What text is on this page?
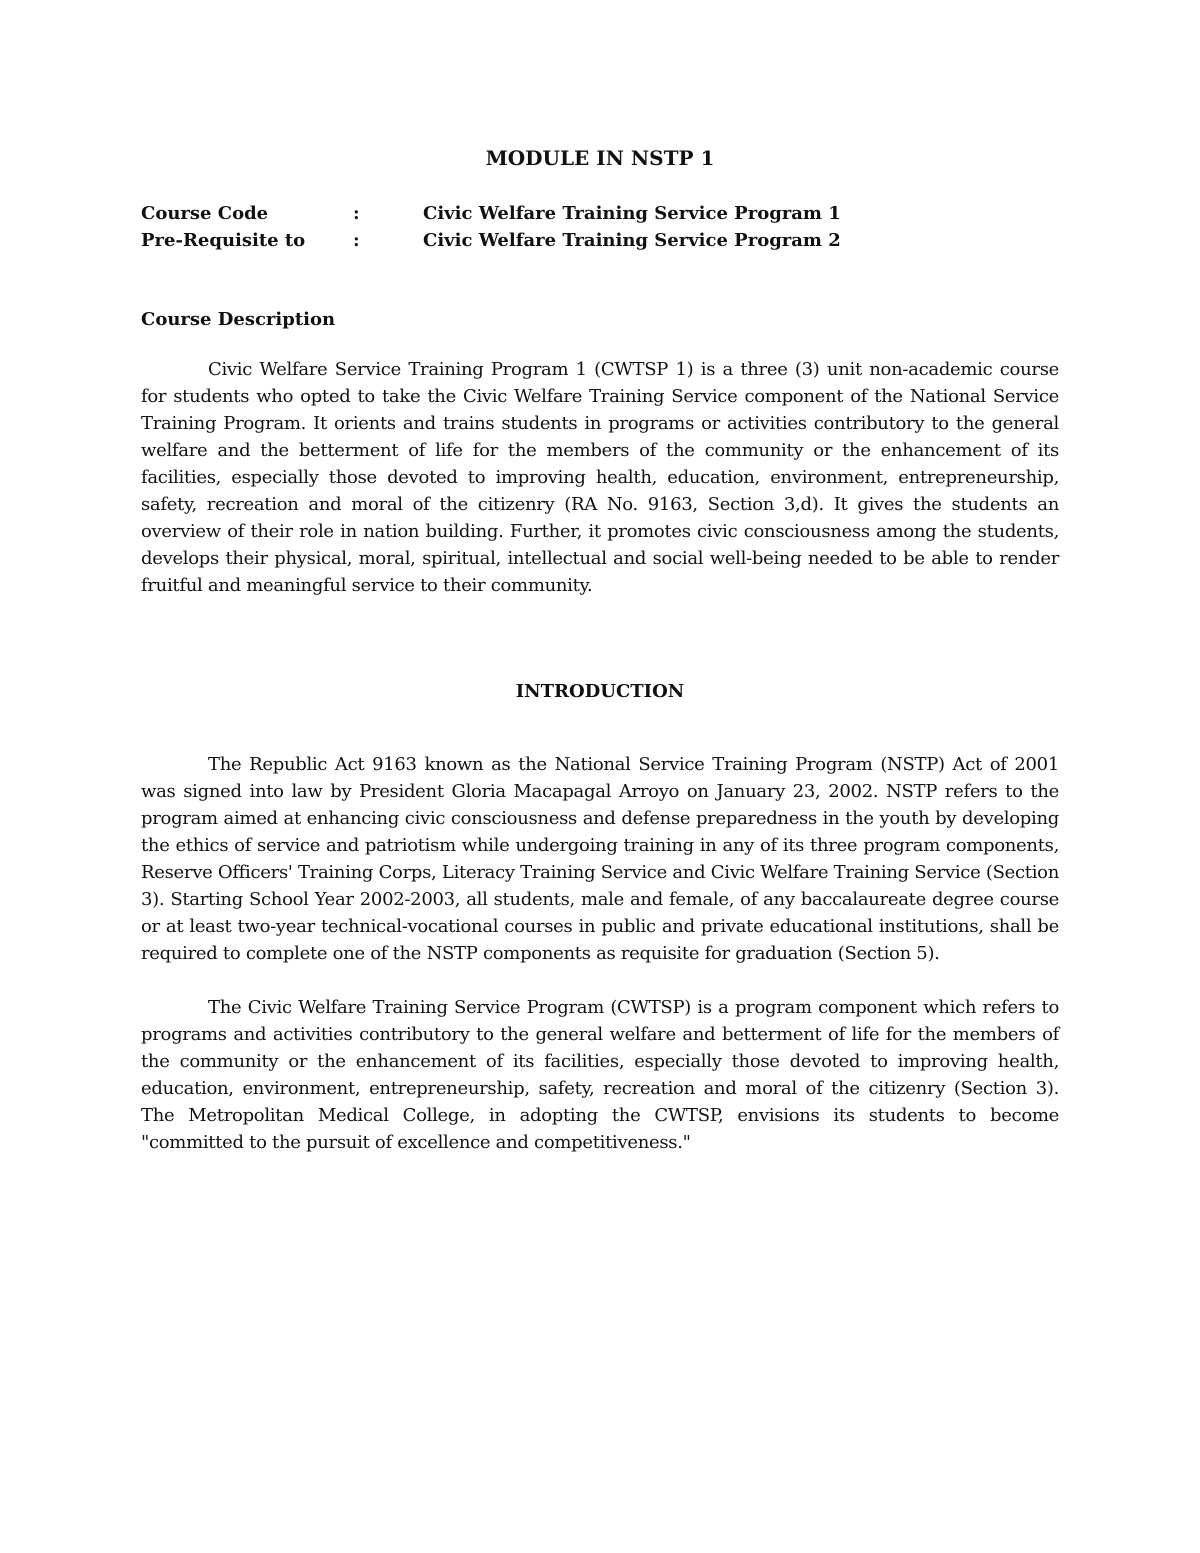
MODULE IN NSTP 1
Course Code	:	Civic Welfare Training Service Program 1
Pre-Requisite to	:	Civic Welfare Training Service Program 2
Course Description

Civic Welfare Service Training Program 1 (CWTSP 1) is a three (3) unit non-academic course for students who opted to take the Civic Welfare Training Service component of the National Service Training Program. It orients and trains students in programs or activities contributory to the general welfare and the betterment of life for the members of the community or the enhancement of its facilities, especially those devoted to improving health, education, environment, entrepreneurship, safety, recreation and moral of the citizenry (RA No. 9163, Section 3,d). It gives the students an overview of their role in nation building. Further, it promotes civic consciousness among the students, develops their physical, moral, spiritual, intellectual and social well-being needed to be able to render fruitful and meaningful service to their community.

INTRODUCTION

The Republic Act 9163 known as the National Service Training Program (NSTP) Act of 2001 was signed into law by President Gloria Macapagal Arroyo on January 23, 2002. NSTP refers to the program aimed at enhancing civic consciousness and defense preparedness in the youth by developing the ethics of service and patriotism while undergoing training in any of its three program components, Reserve Officers' Training Corps, Literacy Training Service and Civic Welfare Training Service (Section 3). Starting School Year 2002-2003, all students, male and female, of any baccalaureate degree course or at least two-year technical-vocational courses in public and private educational institutions, shall be required to complete one of the NSTP components as requisite for graduation (Section 5).

The Civic Welfare Training Service Program (CWTSP) is a program component which refers to programs and activities contributory to the general welfare and betterment of life for the members of the community or the enhancement of its facilities, especially those devoted to improving health, education, environment, entrepreneurship, safety, recreation and moral of the citizenry (Section 3). The Metropolitan Medical College, in adopting the CWTSP, envisions its students to become "committed to the pursuit of excellence and competitiveness."
